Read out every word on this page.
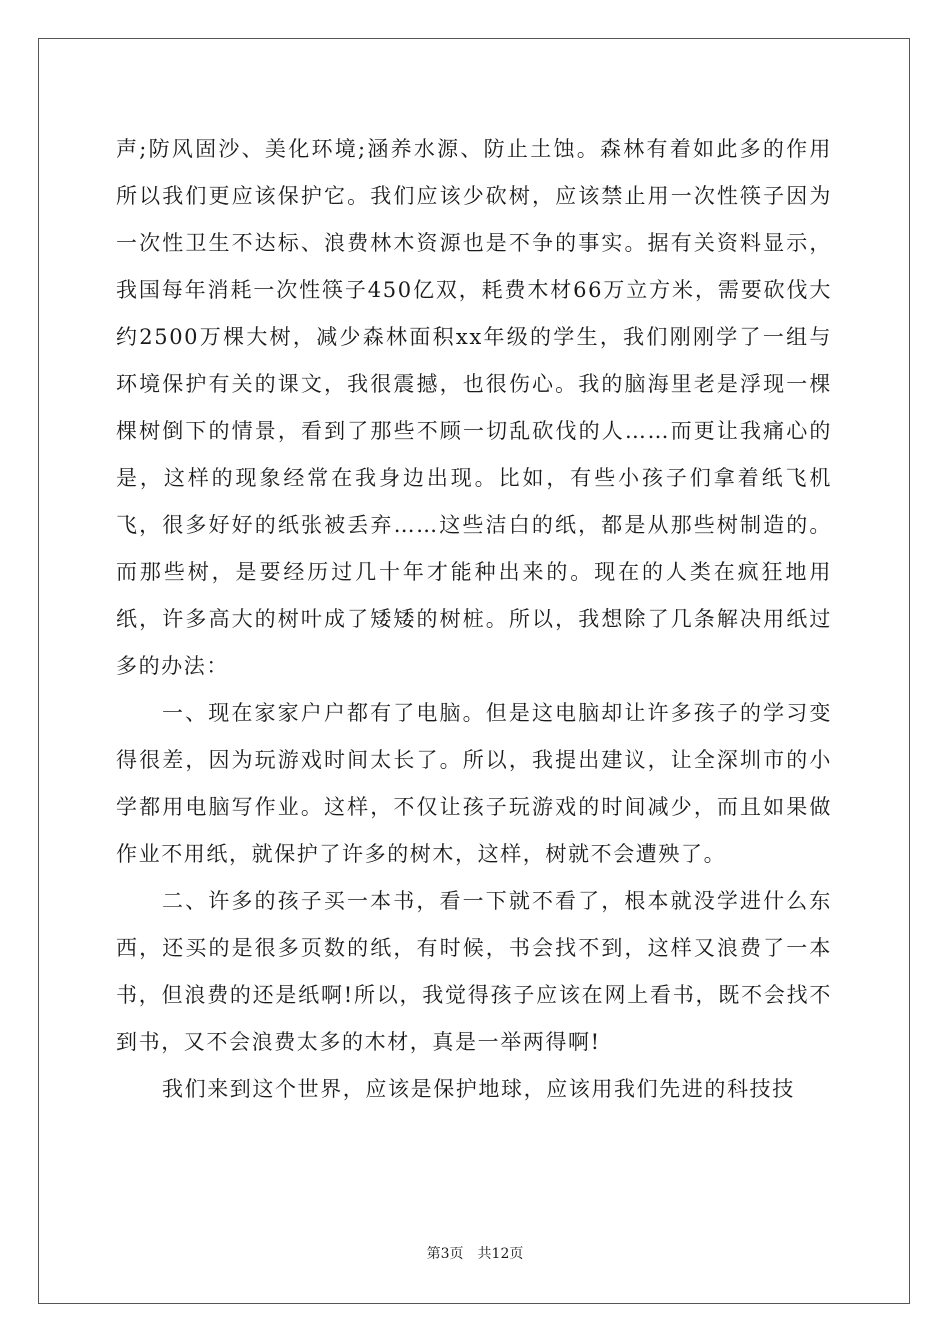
声;防风固沙、美化环境;涵养水源、防止土蚀。森林有着如此多的作用所以我们更应该保护它。我们应该少砍树，应该禁止用一次性筷子因为一次性卫生不达标、浪费林木资源也是不争的事实。据有关资料显示，我国每年消耗一次性筷子450亿双，耗费木材66万立方米，需要砍伐大约2500万棵大树，减少森林面积xx年级的学生，我们刚刚学了一组与环境保护有关的课文，我很震撼，也很伤心。我的脑海里老是浮现一棵棵树倒下的情景，看到了那些不顾一切乱砍伐的人……而更让我痛心的是，这样的现象经常在我身边出现。比如，有些小孩子们拿着纸飞机飞，很多好好的纸张被丢弃……这些洁白的纸，都是从那些树制造的。而那些树，是要经历过几十年才能种出来的。现在的人类在疯狂地用纸，许多高大的树叶成了矮矮的树桩。所以，我想除了几条解决用纸过多的办法：

一、现在家家户户都有了电脑。但是这电脑却让许多孩子的学习变得很差，因为玩游戏时间太长了。所以，我提出建议，让全深圳市的小学都用电脑写作业。这样，不仅让孩子玩游戏的时间减少，而且如果做作业不用纸，就保护了许多的树木，这样，树就不会遭殃了。

二、许多的孩子买一本书，看一下就不看了，根本就没学进什么东西，还买的是很多页数的纸，有时候，书会找不到，这样又浪费了一本书，但浪费的还是纸啊!所以，我觉得孩子应该在网上看书，既不会找不到书，又不会浪费太多的木材，真是一举两得啊!

我们来到这个世界，应该是保护地球，应该用我们先进的科技技

第3页 共12页
